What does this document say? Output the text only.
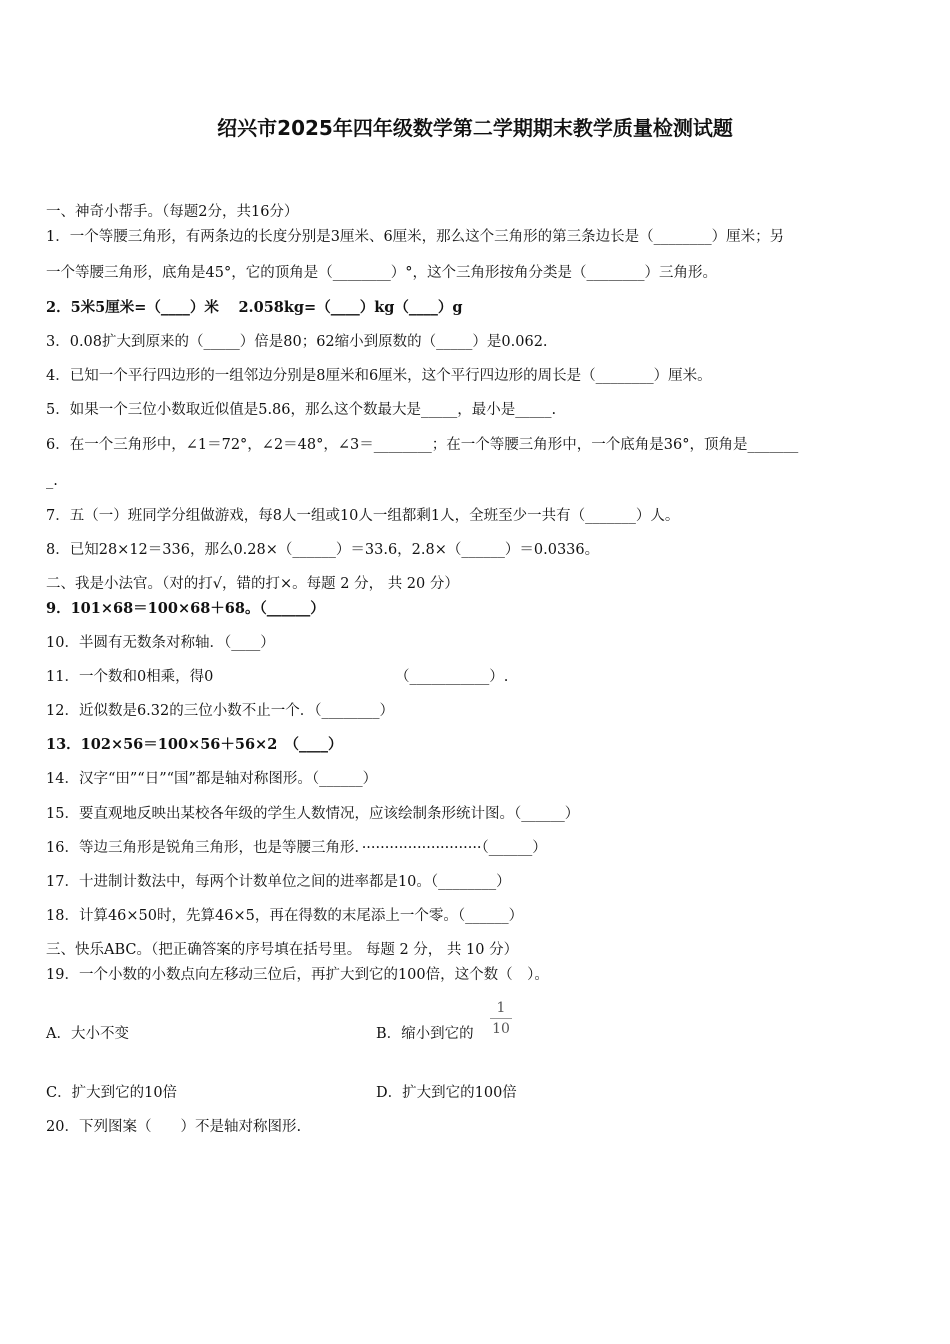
绍兴市2025年四年级数学第二学期期末教学质量检测试题
一、神奇小帮手。（每题2分，共16分）
1．一个等腰三角形，有两条边的长度分别是3厘米、6厘米，那么这个三角形的第三条边长是（________）厘米；另
一个等腰三角形，底角是45°，它的顶角是（________）°，这个三角形按角分类是（________）三角形。
2．5米5厘米=（____）米　 2.058kg=（____）kg（____）g
3．0.08扩大到原来的（_____）倍是80；62缩小到原数的（_____）是0.062.
4．已知一个平行四边形的一组邻边分别是8厘米和6厘米，这个平行四边形的周长是（________）厘米。
5．如果一个三位小数取近似值是5.86，那么这个数最大是_____，最小是_____.
6．在一个三角形中，∠1＝72°，∠2＝48°，∠3＝________；在一个等腰三角形中，一个底角是36°，顶角是_______
_.
7．五（一）班同学分组做游戏，每8人一组或10人一组都剩1人，全班至少一共有（_______）人。
8．已知28×12＝336，那么0.28×（______）＝33.6，2.8×（______）＝0.0336。
二、我是小法官。（对的打√，错的打×。每题 2 分， 共 20 分）
9．101×68＝100×68＋68。（______）
10．半圆有无数条对称轴．（____）
11．一个数和0相乘，得0	（___________）.
12．近似数是6.32的三位小数不止一个．（________）
13．102×56＝100×56＋56×2　（____）
14．汉字“田”“日”“国”都是轴对称图形。（______）
15．要直观地反映出某校各年级的学生人数情况，应该绘制条形统计图。（______）
16．等边三角形是锐角三角形，也是等腰三角形．··························（______）
17．十进制计数法中，每两个计数单位之间的进率都是10。（________）
18．计算46×50时，先算46×5，再在得数的末尾添上一个零。（______）
三、快乐ABC。（把正确答案的序号填在括号里。 每题 2 分， 共 10 分）
19．一个小数的小数点向左移动三位后，再扩大到它的100倍，这个数（　）。
A．大小不变	B．缩小到它的 $\frac{1}{10}$
C．扩大到它的10倍	D．扩大到它的100倍
20．下列图案（　　）不是轴对称图形.
